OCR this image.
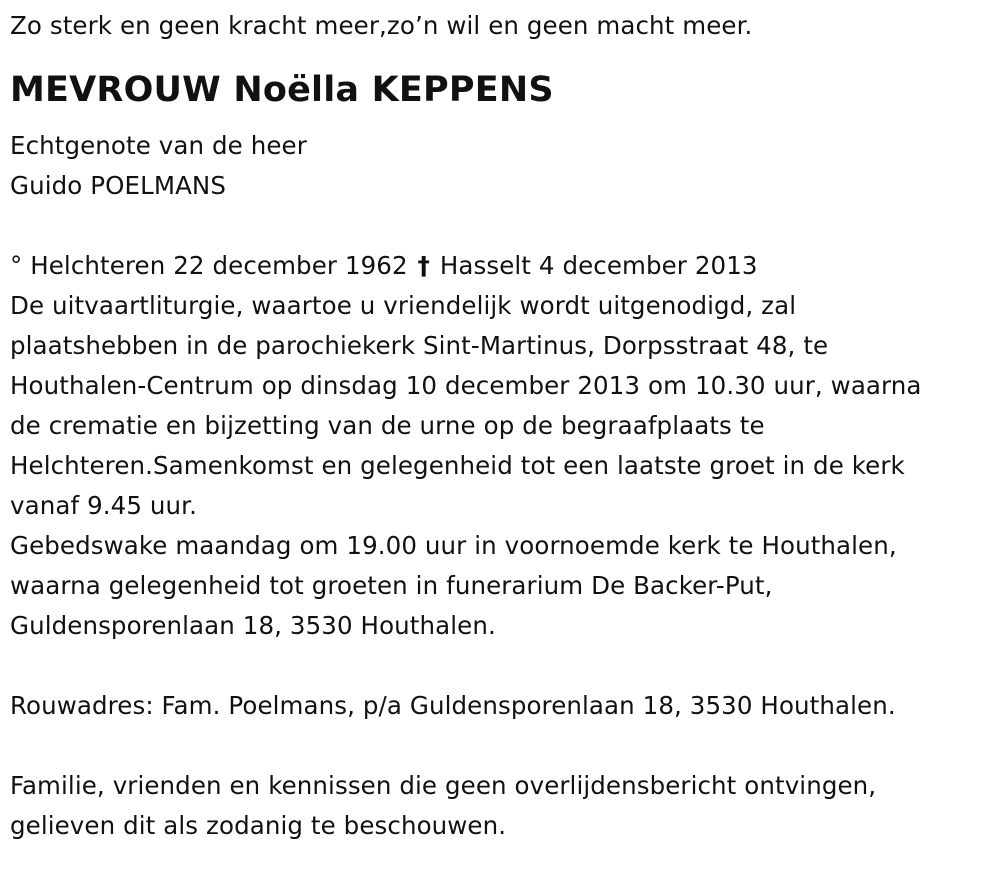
Zo sterk en geen kracht meer,zo’n wil en geen macht meer.
MEVROUW Noëlla KEPPENS
Echtgenote van de heer
Guido POELMANS
° Helchteren 22 december 1962 † Hasselt 4 december 2013
De uitvaartliturgie, waartoe u vriendelijk wordt uitgenodigd, zal
plaatshebben in de parochiekerk Sint-Martinus, Dorpsstraat 48, te
Houthalen-Centrum op dinsdag 10 december 2013 om 10.30 uur, waarna
de crematie en bijzetting van de urne op de begraafplaats te
Helchteren.Samenkomst en gelegenheid tot een laatste groet in de kerk
vanaf 9.45 uur.
Gebedswake maandag om 19.00 uur in voornoemde kerk te Houthalen,
waarna gelegenheid tot groeten in funerarium De Backer-Put,
Guldensporenlaan 18, 3530 Houthalen.
Rouwadres: Fam. Poelmans, p/a Guldensporenlaan 18, 3530 Houthalen.
Familie, vrienden en kennissen die geen overlijdensbericht ontvingen,
gelieven dit als zodanig te beschouwen.
